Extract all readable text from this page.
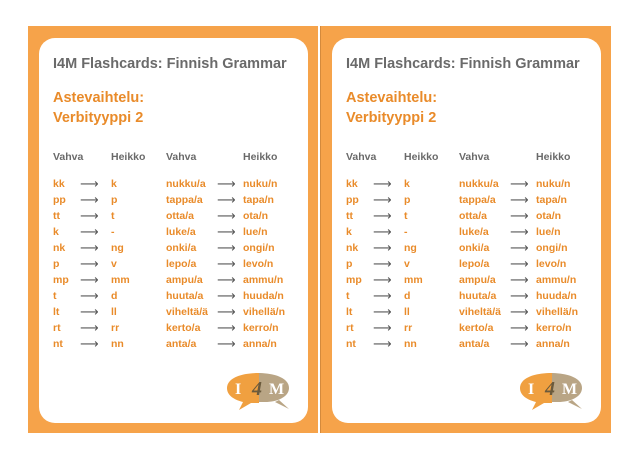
I4M Flashcards: Finnish Grammar
Astevaihtelu:
Verbityyppi 2
Vahva	Heikko Vahva	Heikko
kk ⟶ k	nukku/a ⟶ nuku/n
pp ⟶ p	tappa/a ⟶ tapa/n
tt ⟶ t	otta/a ⟶ ota/n
k ⟶ -	luke/a ⟶ lue/n
nk ⟶ ng	onki/a ⟶ ongi/n
p ⟶ v	lepo/a ⟶ levo/n
mp ⟶ mm	ampu/a ⟶ ammu/n
t ⟶ d	huuta/a ⟶ huuda/n
lt ⟶ ll	viheltä/ä ⟶ vihellä/n
rt ⟶ rr	kerto/a ⟶ kerro/n
nt ⟶ nn	anta/a ⟶ anna/n
I 4 M
I4M Flashcards: Finnish Grammar
Astevaihtelu:
Verbityyppi 2
Vahva	Heikko Vahva	Heikko
kk ⟶ k	nukku/a ⟶ nuku/n
pp ⟶ p	tappa/a ⟶ tapa/n
tt ⟶ t	otta/a ⟶ ota/n
k ⟶ -	luke/a ⟶ lue/n
nk ⟶ ng	onki/a ⟶ ongi/n
p ⟶ v	lepo/a ⟶ levo/n
mp ⟶ mm	ampu/a ⟶ ammu/n
t ⟶ d	huuta/a ⟶ huuda/n
lt ⟶ ll	viheltä/ä ⟶ vihellä/n
rt ⟶ rr	kerto/a ⟶ kerro/n
nt ⟶ nn	anta/a ⟶ anna/n
I 4 M
